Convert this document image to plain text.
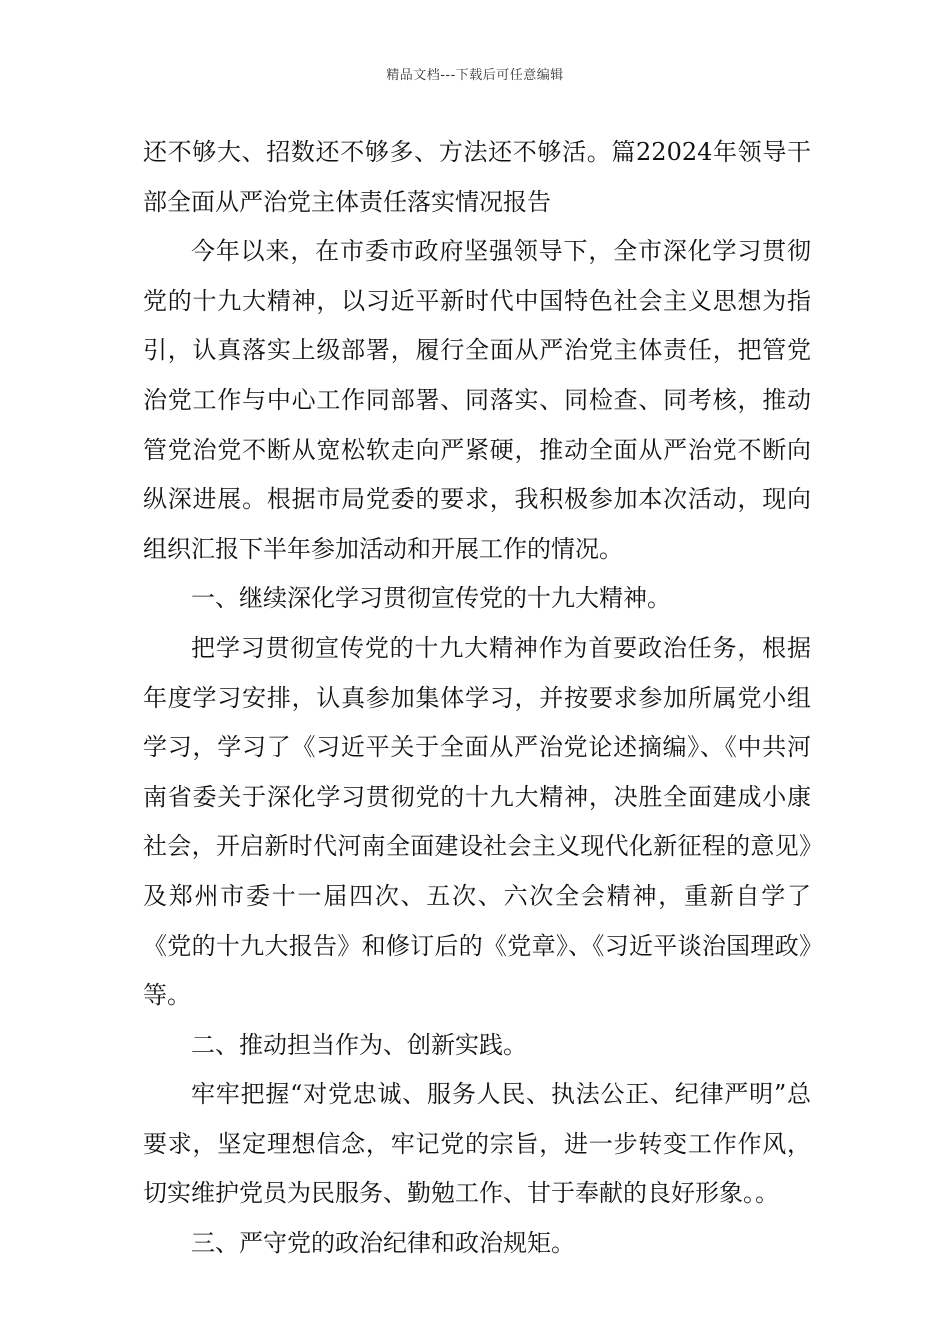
精品文档---下载后可任意编辑

还不够大、招数还不够多、方法还不够活。篇22024年领导干部全面从严治党主体责任落实情况报告

今年以来，在市委市政府坚强领导下，全市深化学习贯彻党的十九大精神，以习近平新时代中国特色社会主义思想为指引，认真落实上级部署，履行全面从严治党主体责任，把管党治党工作与中心工作同部署、同落实、同检查、同考核，推动管党治党不断从宽松软走向严紧硬，推动全面从严治党不断向纵深进展。根据市局党委的要求，我积极参加本次活动，现向组织汇报下半年参加活动和开展工作的情况。

一、继续深化学习贯彻宣传党的十九大精神。

把学习贯彻宣传党的十九大精神作为首要政治任务，根据年度学习安排，认真参加集体学习，并按要求参加所属党小组学习，学习了《习近平关于全面从严治党论述摘编》、《中共河南省委关于深化学习贯彻党的十九大精神，决胜全面建成小康社会，开启新时代河南全面建设社会主义现代化新征程的意见》及郑州市委十一届四次、五次、六次全会精神，重新自学了《党的十九大报告》和修订后的《党章》、《习近平谈治国理政》等。

二、推动担当作为、创新实践。

牢牢把握“对党忠诚、服务人民、执法公正、纪律严明”总要求，坚定理想信念，牢记党的宗旨，进一步转变工作作风，切实维护党员为民服务、勤勉工作、甘于奉献的良好形象。。

三、严守党的政治纪律和政治规矩。
